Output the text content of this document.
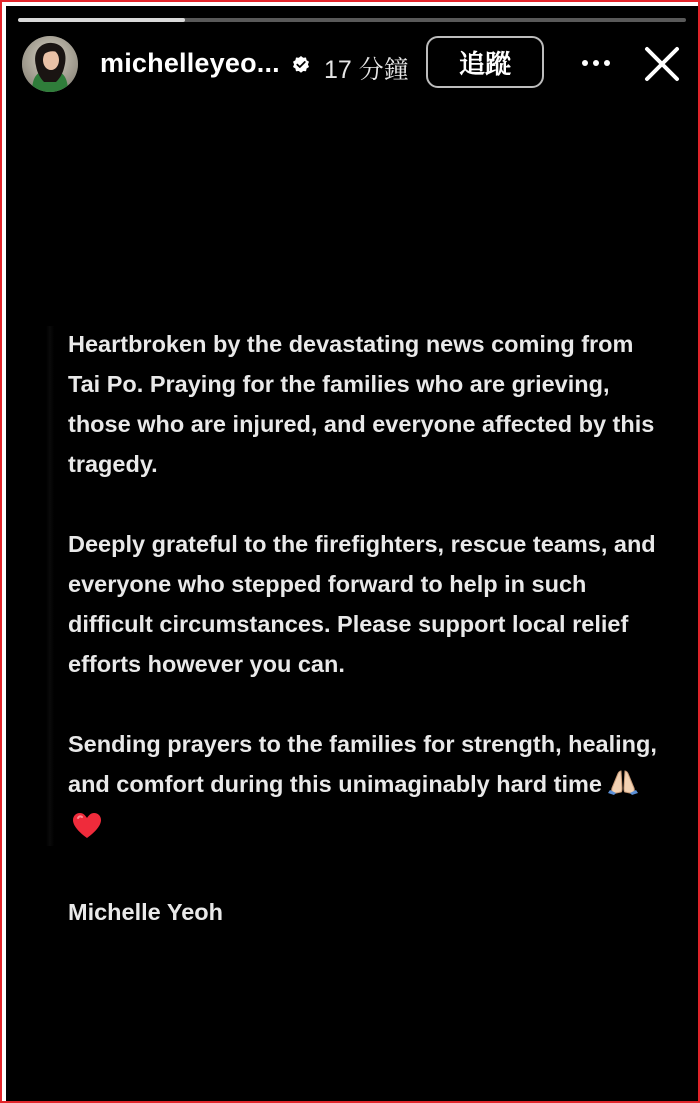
michelleyeo... 17 分鐘	追蹤

Heartbroken by the devastating news coming from Tai Po. Praying for the families who are grieving, those who are injured, and everyone affected by this tragedy.

Deeply grateful to the firefighters, rescue teams, and everyone who stepped forward to help in such difficult circumstances. Please support local relief efforts however you can.

Sending prayers to the families for strength, healing, and comfort during this unimaginably hard time

Michelle Yeoh
